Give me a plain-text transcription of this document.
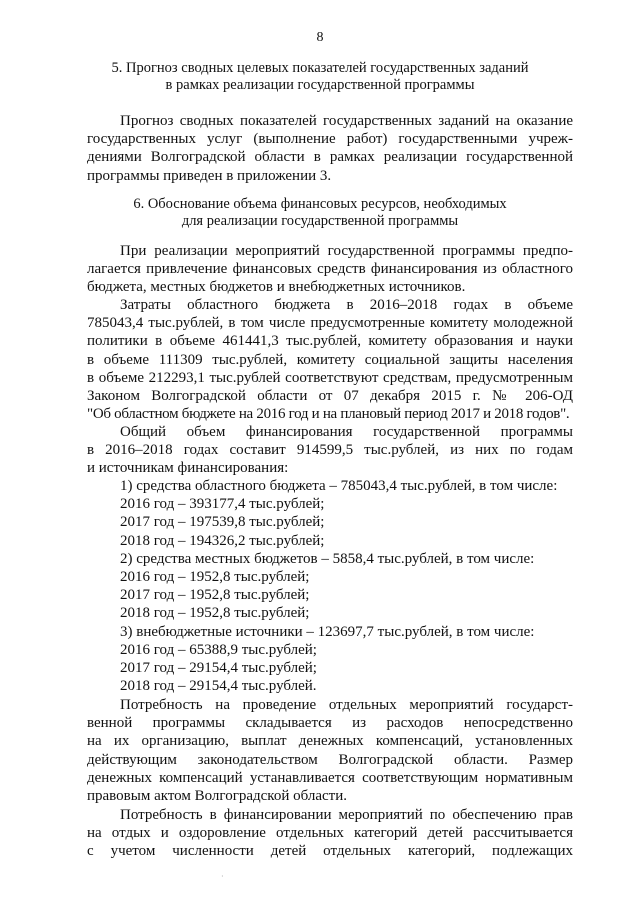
8
5. Прогноз сводных целевых показателей государственных заданий
в рамках реализации государственной программы
Прогноз сводных показателей государственных заданий на оказание
государственных услуг (выполнение работ) государственными учреж-
дениями Волгоградской области в рамках реализации государственной
программы приведен в приложении 3.
6. Обоснование объема финансовых ресурсов, необходимых
для реализации государственной программы
При реализации мероприятий государственной программы предпо-
лагается привлечение финансовых средств финансирования из областного
бюджета, местных бюджетов и внебюджетных источников.
Затраты областного бюджета в 2016–2018 годах в объеме
785043,4 тыс.рублей, в том числе предусмотренные комитету молодежной
политики в объеме 461441,3 тыс.рублей, комитету образования и науки
в объеме 111309 тыс.рублей, комитету социальной защиты населения
в объеме 212293,1 тыс.рублей соответствуют средствам, предусмотренным
Законом Волгоградской области от 07 декабря 2015 г. № 206-ОД
"Об областном бюджете на 2016 год и на плановый период 2017 и 2018 годов".
Общий объем финансирования государственной программы
в 2016–2018 годах составит 914599,5 тыс.рублей, из них по годам
и источникам финансирования:
1) средства областного бюджета – 785043,4 тыс.рублей, в том числе:
2016 год – 393177,4 тыс.рублей;
2017 год – 197539,8 тыс.рублей;
2018 год – 194326,2 тыс.рублей;
2) средства местных бюджетов – 5858,4 тыс.рублей, в том числе:
2016 год – 1952,8 тыс.рублей;
2017 год – 1952,8 тыс.рублей;
2018 год – 1952,8 тыс.рублей;
3) внебюджетные источники – 123697,7 тыс.рублей, в том числе:
2016 год – 65388,9 тыс.рублей;
2017 год – 29154,4 тыс.рублей;
2018 год – 29154,4 тыс.рублей.
Потребность на проведение отдельных мероприятий государст-
венной программы складывается из расходов непосредственно
на их организацию, выплат денежных компенсаций, установленных
действующим законодательством Волгоградской области. Размер
денежных компенсаций устанавливается соответствующим нормативным
правовым актом Волгоградской области.
Потребность в финансировании мероприятий по обеспечению прав
на отдых и оздоровление отдельных категорий детей рассчитывается
с учетом численности детей отдельных категорий, подлежащих
·
